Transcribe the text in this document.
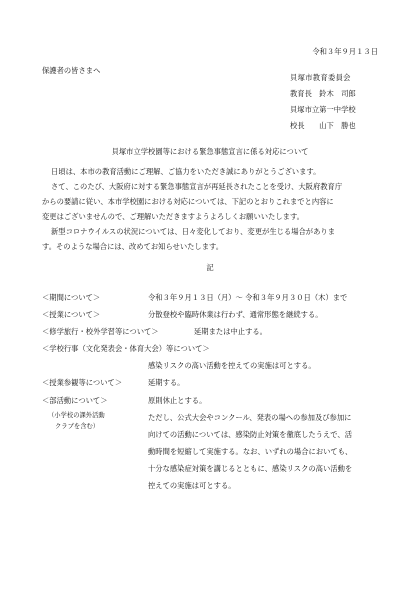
令和３年９月１３日
保護者の皆さまへ
貝塚市教育委員会
教育長　鈴木　司郎
貝塚市立第一中学校
校長　　山下　勝也
貝塚市立学校園等における緊急事態宣言に係る対応について
日頃は、本市の教育活動にご理解、ご協力をいただき誠にありがとうございます。
さて、このたび、大阪府に対する緊急事態宣言が再延長されたことを受け、大阪府教育庁
からの要請に従い、本市学校園における対応については、下記のとおりこれまでと内容に
変更はございませんので、ご理解いただきますようよろしくお願いいたします。
新型コロナウイルスの状況については、日々変化しており、変更が生じる場合がありま
す。そのような場合には、改めてお知らせいたします。
記
＜期間について＞	令和３年９月１３日（月）～ 令和３年９月３０日（木）まで
＜授業について＞	分散登校や臨時休業は行わず、通常形態を継続する。
＜修学旅行・校外学習等について＞	延期または中止する。
＜学校行事（文化発表会・体育大会）等について＞
感染リスクの高い活動を控えての実施は可とする。
＜授業参観等について＞	延期する。
＜部活動について＞
（小学校の課外活動
クラブを含む）
原則休止とする。
ただし、公式大会やコンクール、発表の場への参加及び参加に
向けての活動については、感染防止対策を徹底したうえで、活
動時間を短縮して実施する。なお、いずれの場合においても、
十分な感染症対策を講じるとともに、感染リスクの高い活動を
控えての実施は可とする。
